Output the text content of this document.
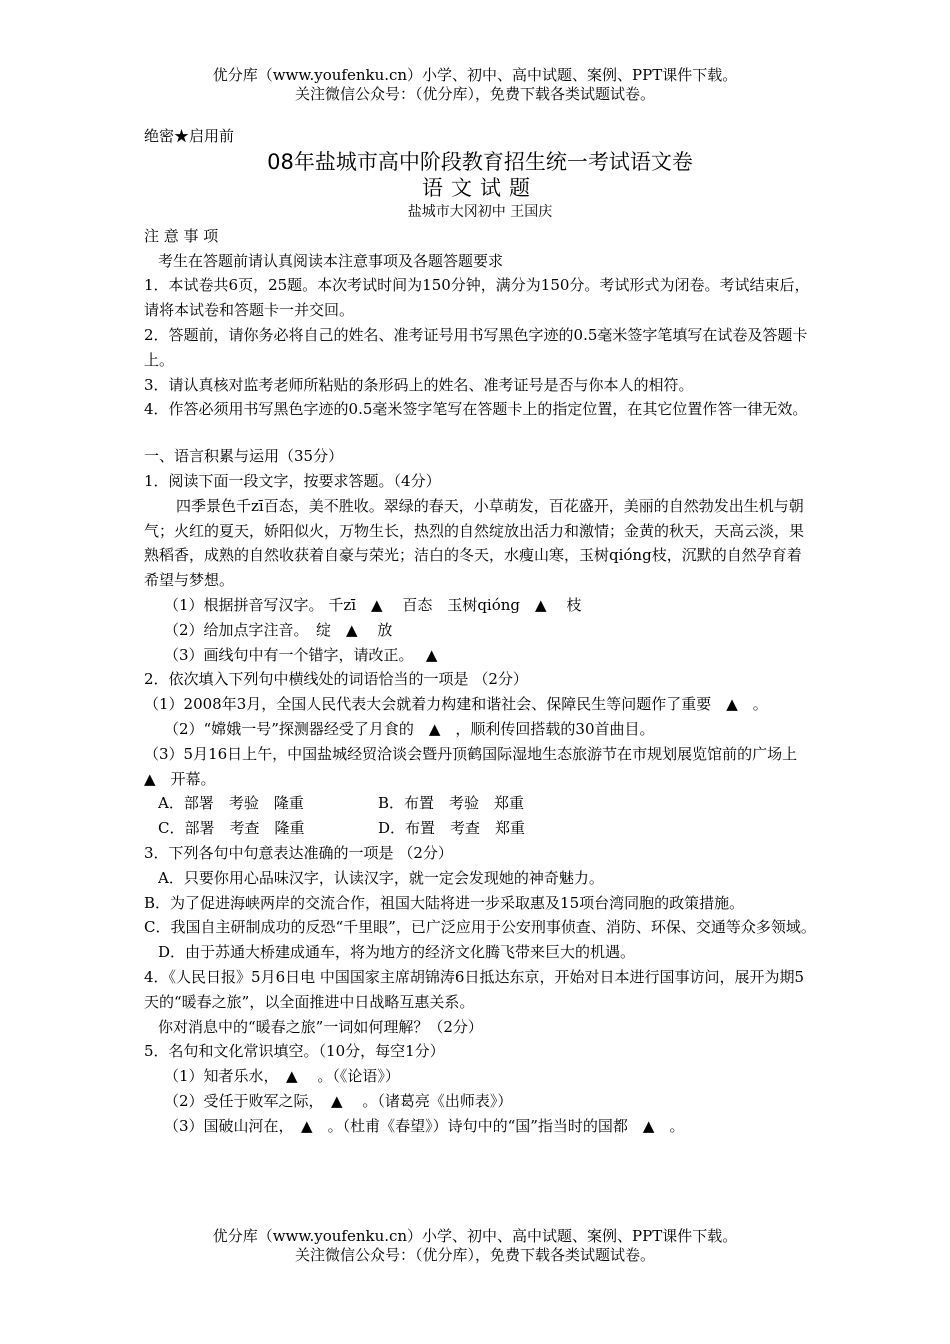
优分库（www.youfenku.cn）小学、初中、高中试题、案例、PPT课件下载。
关注微信公众号：（优分库），免费下载各类试题试卷。
绝密★启用前
08年盐城市高中阶段教育招生统一考试语文卷
语文试题
盐城市大冈初中 王国庆
注 意 事 项
考生在答题前请认真阅读本注意事项及各题答题要求
1．本试卷共6页，25题。本次考试时间为150分钟，满分为150分。考试形式为闭卷。考试结束后，请将本试卷和答题卡一并交回。
2．答题前，请你务必将自己的姓名、准考证号用书写黑色字迹的0.5毫米签字笔填写在试卷及答题卡上。
3．请认真核对监考老师所粘贴的条形码上的姓名、准考证号是否与你本人的相符。
4．作答必须用书写黑色字迹的0.5毫米签字笔写在答题卡上的指定位置，在其它位置作答一律无效。
一、语言积累与运用（35分）
1．阅读下面一段文字，按要求答题。（4分）
四季景色千zī百态，美不胜收。翠绿的春天，小草萌发，百花盛开，美丽的自然勃发出生机与朝气；火红的夏天，娇阳似火，万物生长，热烈的自然绽放出活力和激情；金黄的秋天，天高云淡，果熟稻香，成熟的自然收获着自豪与荣光；洁白的冬天，水瘦山寒，玉树qióng枝，沉默的自然孕育着希望与梦想。
（1）根据拼音写汉字。 千zī　▲　 百态　玉树qióng　▲　 枝
（2）给加点字注音。　绽　▲　 放
（3）画线句中有一个错字，请改正。　 ▲
2．依次填入下列句中横线处的词语恰当的一项是 （2分）
（1）2008年3月，全国人民代表大会就着力构建和谐社会、保障民生等问题作了重要　▲　。
（2）“嫦娥一号”探测器经受了月食的　▲　，顺利传回搭载的30首曲目。
（3）5月16日上午，中国盐城经贸洽谈会暨丹顶鹤国际湿地生态旅游节在市规划展览馆前的广场上　▲　开幕。
A．部署　考验　隆重	B．布置　考验　郑重
C．部署　考查　隆重	D．布置　考查　郑重
3．下列各句中句意表达准确的一项是 （2分）
A．只要你用心品味汉字，认读汉字，就一定会发现她的神奇魅力。
B．为了促进海峡两岸的交流合作，祖国大陆将进一步采取惠及15项台湾同胞的政策措施。
C．我国自主研制成功的反恐“千里眼”，已广泛应用于公安刑事侦查、消防、环保、交通等众多领域。
D．由于苏通大桥建成通车，将为地方的经济文化腾飞带来巨大的机遇。
4．《人民日报》5月6日电 中国国家主席胡锦涛6日抵达东京，开始对日本进行国事访问，展开为期5天的“暖春之旅”，以全面推进中日战略互惠关系。
你对消息中的“暖春之旅”一词如何理解？（2分）
5．名句和文化常识填空。（10分，每空1分）
（1）知者乐水，　▲　 。（《论语》）
（2）受任于败军之际，　▲　 。（诸葛亮《出师表》）
（3）国破山河在，　▲　。（杜甫《春望》）诗句中的“国”指当时的国都　▲　。
优分库（www.youfenku.cn）小学、初中、高中试题、案例、PPT课件下载。
关注微信公众号：（优分库），免费下载各类试题试卷。
